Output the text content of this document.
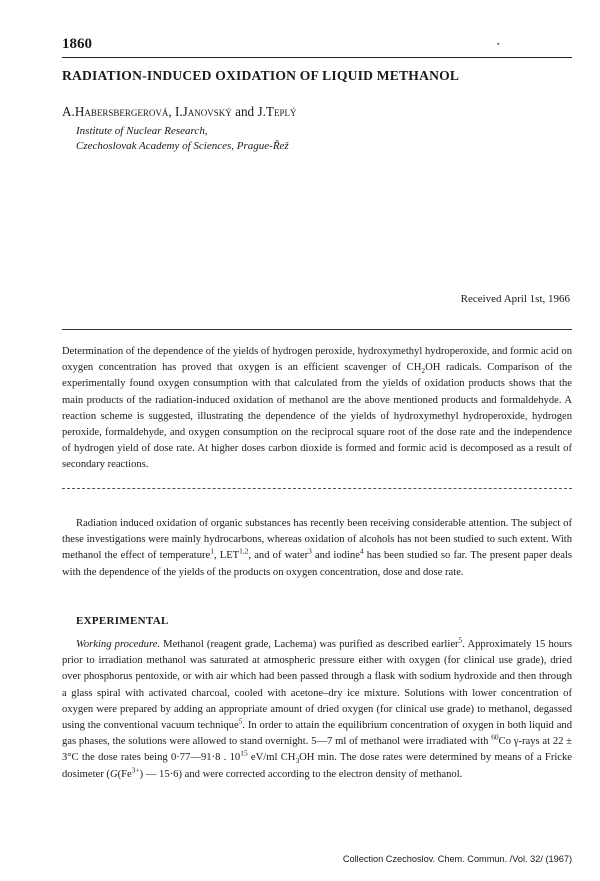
1860	▪
RADIATION-INDUCED OXIDATION OF LIQUID METHANOL
A.Habersbergerová, I.Janovský and J.Teplý
Institute of Nuclear Research,
Czechoslovak Academy of Sciences, Prague-Řež
Received April 1st, 1966
Determination of the dependence of the yields of hydrogen peroxide, hydroxymethyl hydroperoxide, and formic acid on oxygen concentration has proved that oxygen is an efficient scavenger of $CH_2OH$ radicals. Comparison of the experimentally found oxygen consumption with that calculated from the yields of oxidation products shows that the main products of the radiation-induced oxidation of methanol are the above mentioned products and formaldehyde. A reaction scheme is suggested, illustrating the dependence of the yields of hydroxymethyl hydroperoxide, hydrogen peroxide, formaldehyde, and oxygen consumption on the reciprocal square root of the dose rate and the independence of hydrogen yield of dose rate. At higher doses carbon dioxide is formed and formic acid is decomposed as a result of secondary reactions.
Radiation induced oxidation of organic substances has recently been receiving considerable attention. The subject of these investigations were mainly hydrocarbons, whereas oxidation of alcohols has not been studied to such extent. With methanol the effect of temperature$^1$, LET$^{1,2}$, and of water$^3$ and iodine$^4$ has been studied so far. The present paper deals with the dependence of the yields of the products on oxygen concentration, dose and dose rate.
EXPERIMENTAL
Working procedure. Methanol (reagent grade, Lachema) was purified as described earlier$^5$. Approximately 15 hours prior to irradiation methanol was saturated at atmospheric pressure either with oxygen (for clinical use grade), dried over phosphorus pentoxide, or with air which had been passed through a flask with sodium hydroxide and then through a glass spiral with activated charcoal, cooled with acetone–dry ice mixture. Solutions with lower concentration of oxygen were prepared by adding an appropriate amount of dried oxygen (for clinical use grade) to methanol, degassed using the conventional vacuum technique$^5$. In order to attain the equilibrium concentration of oxygen in both liquid and gas phases, the solutions were allowed to stand overnight. 5—7 ml of methanol were irradiated with $^{60}$Co γ-rays at 22 ± 3°C the dose rates being 0·77—91·8 . $10^{15}$ eV/ml $CH_3OH$ min. The dose rates were determined by means of a Fricke dosimeter ($G(Fe^{3+})$ — 15·6) and were corrected according to the electron density of methanol.
Collection Czechoslov. Chem. Commun. /Vol. 32/ (1967)
